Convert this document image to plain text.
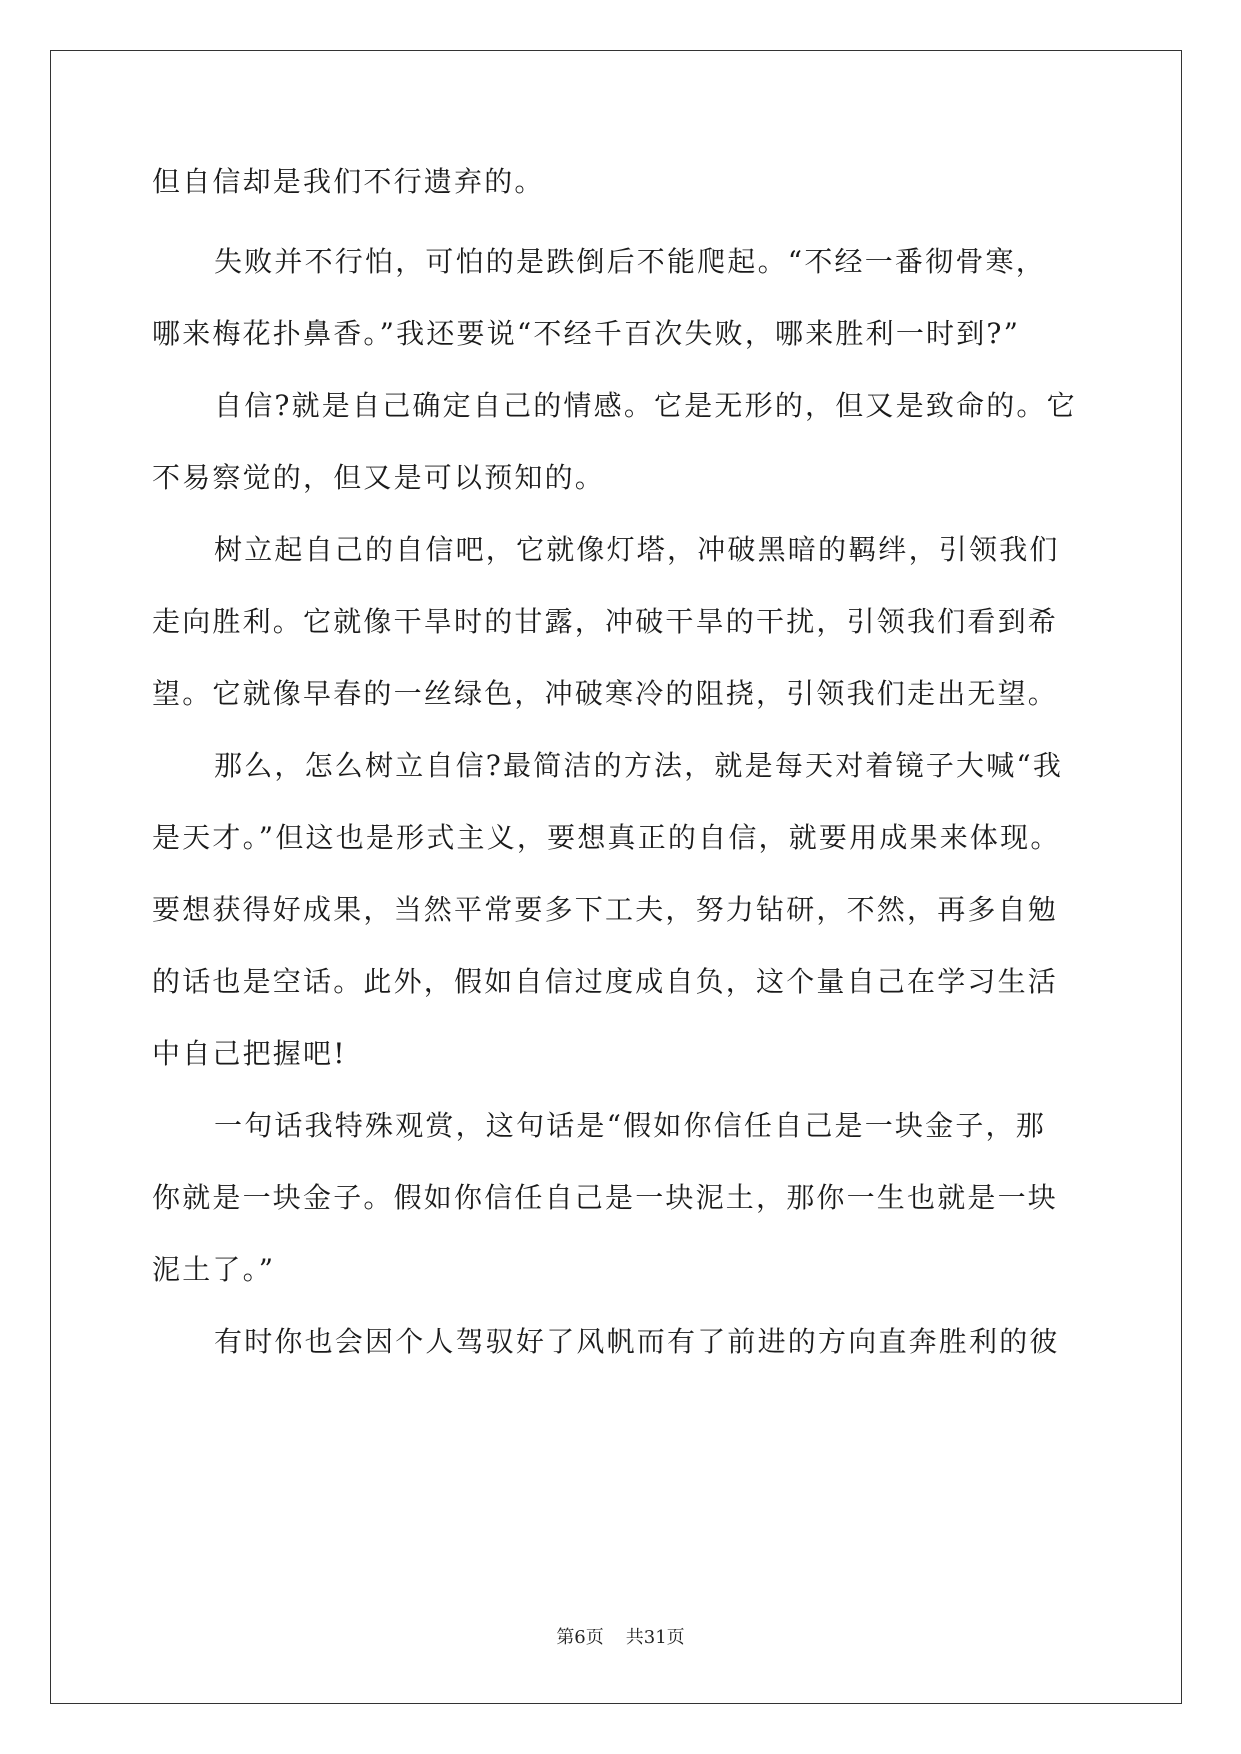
但自信却是我们不行遗弃的。
失败并不行怕，可怕的是跌倒后不能爬起。“不经一番彻骨寒，
哪来梅花扑鼻香。”我还要说“不经千百次失败，哪来胜利一时到?”
自信?就是自己确定自己的情感。它是无形的，但又是致命的。它
不易察觉的，但又是可以预知的。
树立起自己的自信吧，它就像灯塔，冲破黑暗的羁绊，引领我们
走向胜利。它就像干旱时的甘露，冲破干旱的干扰，引领我们看到希
望。它就像早春的一丝绿色，冲破寒冷的阻挠，引领我们走出无望。
那么，怎么树立自信?最简洁的方法，就是每天对着镜子大喊“我
是天才。”但这也是形式主义，要想真正的自信，就要用成果来体现。
要想获得好成果，当然平常要多下工夫，努力钻研，不然，再多自勉
的话也是空话。此外，假如自信过度成自负，这个量自己在学习生活
中自己把握吧!
一句话我特殊观赏，这句话是“假如你信任自己是一块金子，那
你就是一块金子。假如你信任自己是一块泥土，那你一生也就是一块
泥土了。”
有时你也会因个人驾驭好了风帆而有了前进的方向直奔胜利的彼
第6页 共31页
